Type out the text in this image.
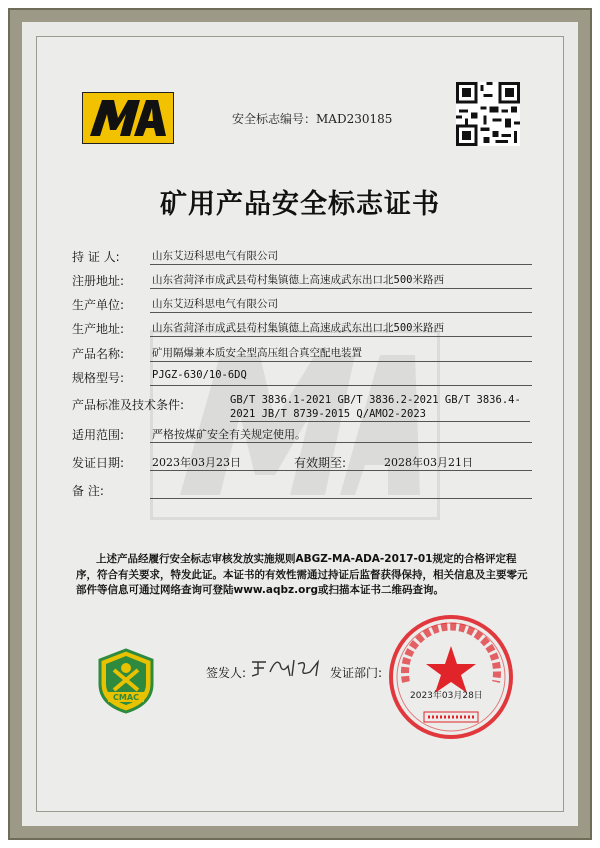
安全标志编号：MAD230185
矿用产品安全标志证书
持 证 人:	山东艾迈科思电气有限公司
注册地址:	山东省菏泽市成武县苟村集镇德上高速成武东出口北500米路西
生产单位:	山东艾迈科思电气有限公司
生产地址:	山东省菏泽市成武县苟村集镇德上高速成武东出口北500米路西
产品名称:	矿用隔爆兼本质安全型高压组合真空配电装置
规格型号:	PJGZ-630/10-6DQ
产品标准及技术条件:	GB/T 3836.1-2021 GB/T 3836.2-2021 GB/T 3836.4-
2021 JB/T 8739-2015 Q/AMO2-2023
适用范围:	严格按煤矿安全有关规定使用。
发证日期:	2023年03月23日	有效期至:	2028年03月21日
备 注:
上述产品经履行安全标志审核发放实施规则ABGZ-MA-ADA-2017-01规定的合格评定程序，符合有关要求，特发此证。本证书的有效性需通过持证后监督获得保持，相关信息及主要零元部件等信息可通过网络查询可登陆www.aqbz.org或扫描本证书二维码查询。
CMAC
签发人:	发证部门:
2023年03月28日
